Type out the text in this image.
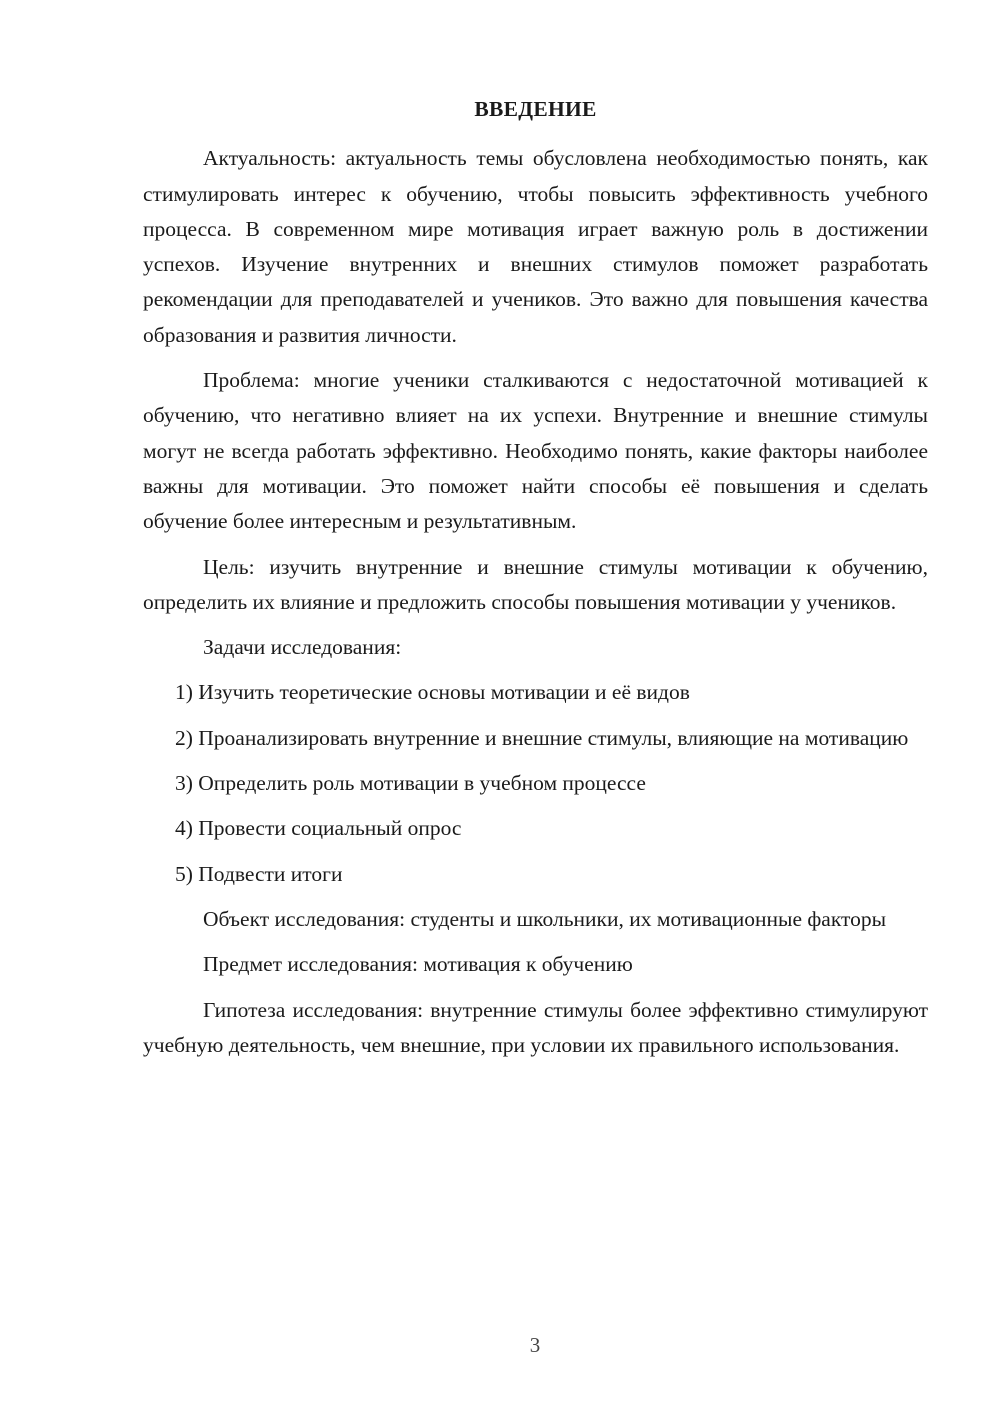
ВВЕДЕНИЕ

Актуальность: актуальность темы обусловлена необходимостью понять, как стимулировать интерес к обучению, чтобы повысить эффективность учебного процесса. В современном мире мотивация играет важную роль в достижении успехов. Изучение внутренних и внешних стимулов поможет разработать рекомендации для преподавателей и учеников. Это важно для повышения качества образования и развития личности.

Проблема: многие ученики сталкиваются с недостаточной мотивацией к обучению, что негативно влияет на их успехи. Внутренние и внешние стимулы могут не всегда работать эффективно. Необходимо понять, какие факторы наиболее важны для мотивации. Это поможет найти способы её повышения и сделать обучение более интересным и результативным.

Цель: изучить внутренние и внешние стимулы мотивации к обучению, определить их влияние и предложить способы повышения мотивации у учеников.

Задачи исследования:

1) Изучить теоретические основы мотивации и её видов

2) Проанализировать внутренние и внешние стимулы, влияющие на мотивацию

3) Определить роль мотивации в учебном процессе

4) Провести социальный опрос

5) Подвести итоги

Объект исследования: студенты и школьники, их мотивационные факторы

Предмет исследования: мотивация к обучению

Гипотеза исследования: внутренние стимулы более эффективно стимулируют учебную деятельность, чем внешние, при условии их правильного использования.

3
